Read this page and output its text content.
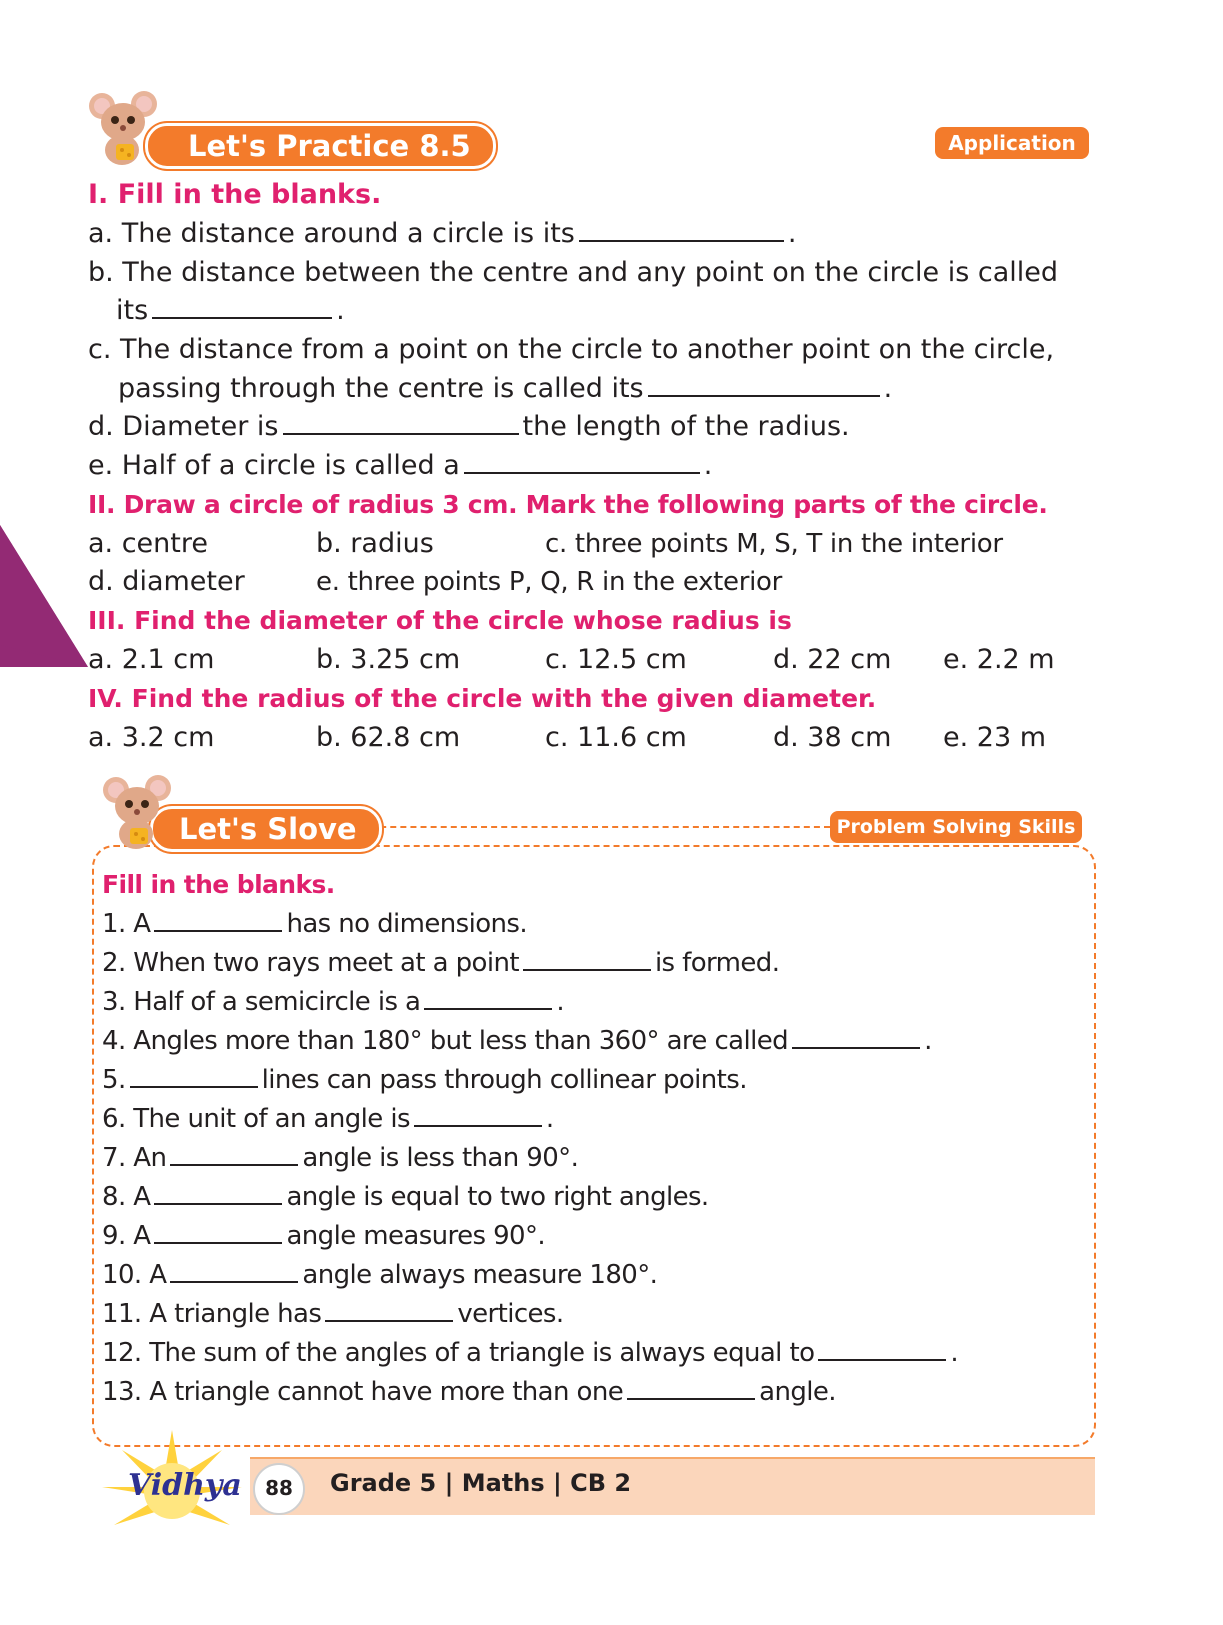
Let's Practice 8.5	Application
I. Fill in the blanks.
a. The distance around a circle is its	.
b. The distance between the centre and any point on the circle is called
its	.
c. The distance from a point on the circle to another point on the circle,
passing through the centre is called its	.
d. Diameter is	the length of the radius.
e. Half of a circle is called a	.
II. Draw a circle of radius 3 cm. Mark the following parts of the circle.
a. centre	b. radius	c. three points M, S, T in the interior
d. diameter	e. three points P, Q, R in the exterior
III. Find the diameter of the circle whose radius is
a. 2.1 cm	b. 3.25 cm	c. 12.5 cm	d. 22 cm e. 2.2 m
IV. Find the radius of the circle with the given diameter.
a. 3.2 cm	b. 62.8 cm	c. 11.6 cm	d. 38 cm e. 23 m
Let's Slove	Problem Solving Skills
Fill in the blanks.
1. A	has no dimensions.
2. When two rays meet at a point	is formed.
3. Half of a semicircle is a	.
4. Angles more than 180° but less than 360° are called	.
5.	lines can pass through collinear points.
6. The unit of an angle is	.
7. An	angle is less than 90°.
8. A	angle is equal to two right angles.
9. A	angle measures 90°.
10. A	angle always measure 180°.
11. A triangle has	vertices.
12. The sum of the angles of a triangle is always equal to	.
13. A triangle cannot have more than one	angle.
Vidhya	88	Grade 5 | Maths | CB 2
